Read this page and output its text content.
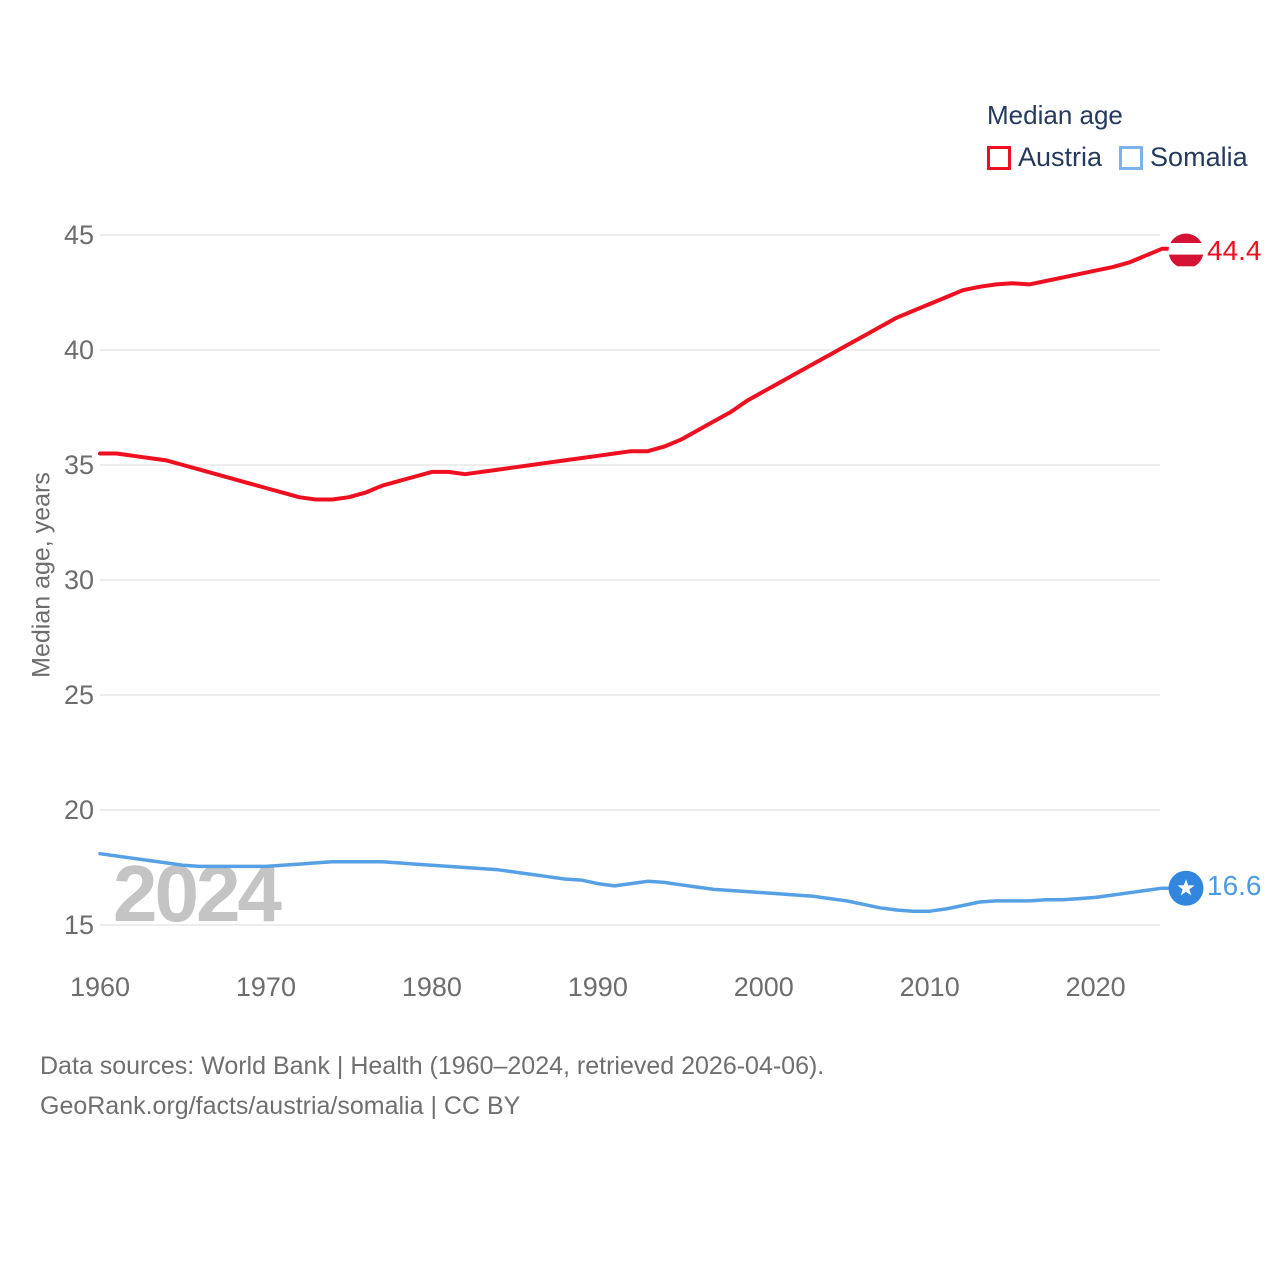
2024
Median age, years
Median age
Austria Somalia
44.4
16.6
Data sources: World Bank | Health (1960–2024, retrieved 2026-04-06).
GeoRank.org/facts/austria/somalia | CC BY
15
20
25
30
35
40
45
1960	1970	1980	1990	2000	2010	2020
